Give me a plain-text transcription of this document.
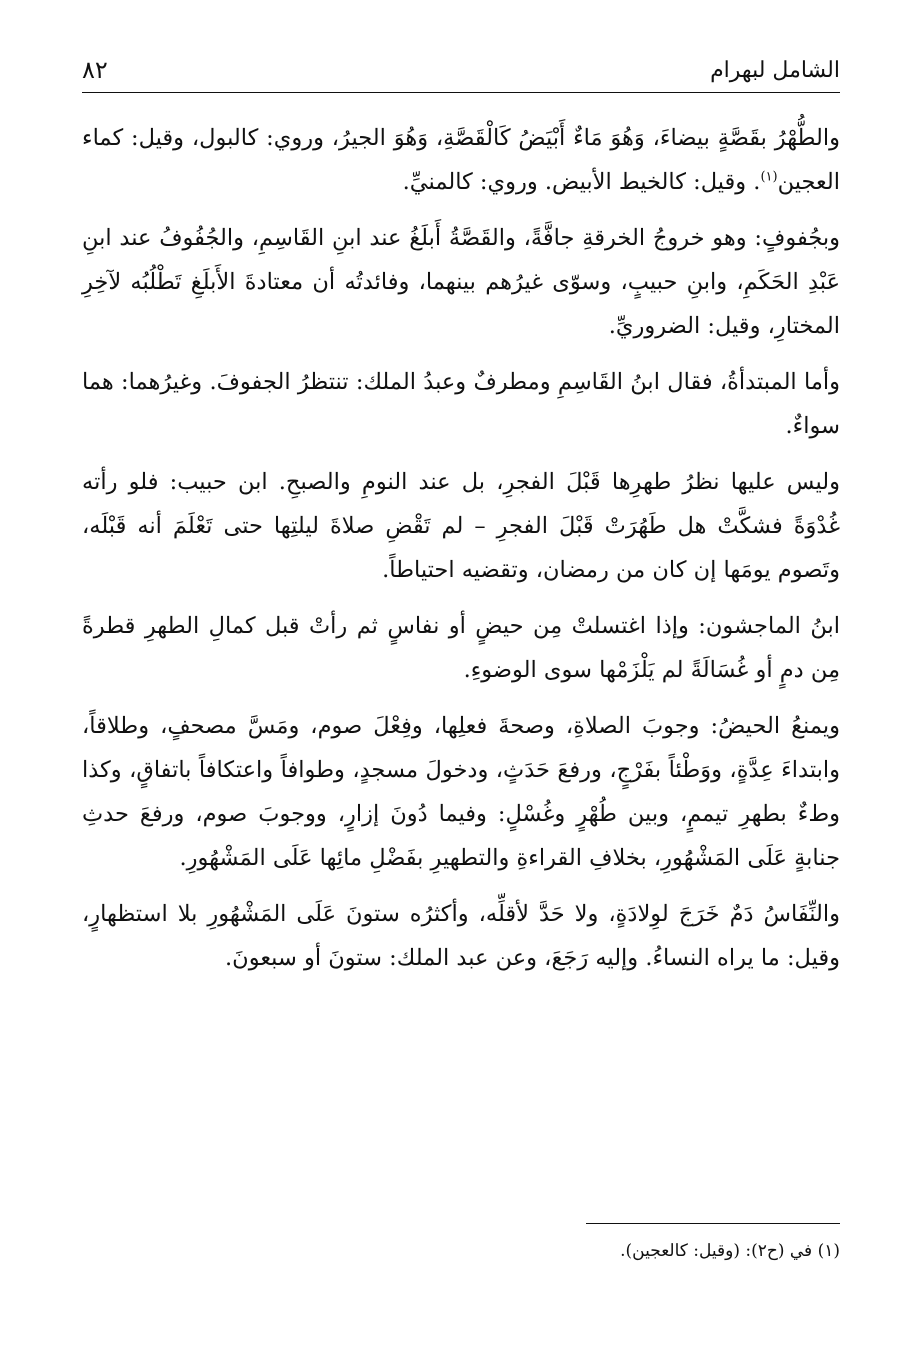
٨٢	الشامل لبهرام

والطُّهْرُ بقَصَّةٍ بيضاءَ، وَهُوَ مَاءٌ أَبْيَضُ كَالْقَصَّةِ، وَهُوَ الجيرُ، وروي: كالبول، وقيل: كماء العجين$^{(١)}$. وقيل: كالخيط الأبيض. وروي: كالمنيِّ.

وبجُفوفٍ: وهو خروجُ الخرقةِ جافَّةً، والقَصَّةُ أَبلَغُ عند ابنِ القَاسِمِ، والجُفُوفُ عند ابنِ عَبْدِ الحَكَمِ، وابنِ حبيبٍ، وسوّى غيرُهم بينهما، وفائدتُه أن معتادةَ الأَبلَغِ تَطْلُبُه لآخِرِ المختارِ، وقيل: الضروريِّ.

وأما المبتدأةُ، فقال ابنُ القَاسِمِ ومطرفٌ وعبدُ الملك: تنتظرُ الجفوفَ. وغيرُهما: هما سواءٌ.

وليس عليها نظرُ طهرِها قَبْلَ الفجرِ، بل عند النومِ والصبحِ. ابن حبيب: فلو رأته غُدْوَةً فشكَّتْ هل طَهُرَتْ قَبْلَ الفجرِ – لم تَقْضِ صلاةَ ليلتِها حتى تَعْلَمَ أنه قَبْلَه، وتَصوم يومَها إن كان من رمضان، وتقضيه احتياطاً.

ابنُ الماجشون: وإذا اغتسلتْ مِن حيضٍ أو نفاسٍ ثم رأتْ قبل كمالِ الطهرِ قطرةً مِن دمٍ أو غُسَالَةً لم يَلْزَمْها سوى الوضوءِ.

ويمنعُ الحيضُ: وجوبَ الصلاةِ، وصحةَ فعلِها، وفِعْلَ صوم، ومَسَّ مصحفٍ، وطلاقاً، وابتداءَ عِدَّةٍ، ووَطْئاً بفَرْجٍ، ورفعَ حَدَثٍ، ودخولَ مسجدٍ، وطوافاً واعتكافاً باتفاقٍ، وكذا وطءٌ بطهرِ تيممٍ، وبين طُهْرٍ وغُسْلٍ: وفيما دُونَ إزارٍ، ووجوبَ صوم، ورفعَ حدثِ جنابةٍ عَلَى المَشْهُورِ، بخلافِ القراءةِ والتطهيرِ بفَضْلِ مائِها عَلَى المَشْهُورِ.

والنِّفَاسُ دَمٌ خَرَجَ لوِلادَةٍ، ولا حَدَّ لأقلِّه، وأكثرُه ستونَ عَلَى المَشْهُورِ بلا استظهارٍ، وقيل: ما يراه النساءُ. وإليه رَجَعَ، وعن عبد الملك: ستونَ أو سبعونَ.

(١) في (ح٢): (وقيل: كالعجين).
